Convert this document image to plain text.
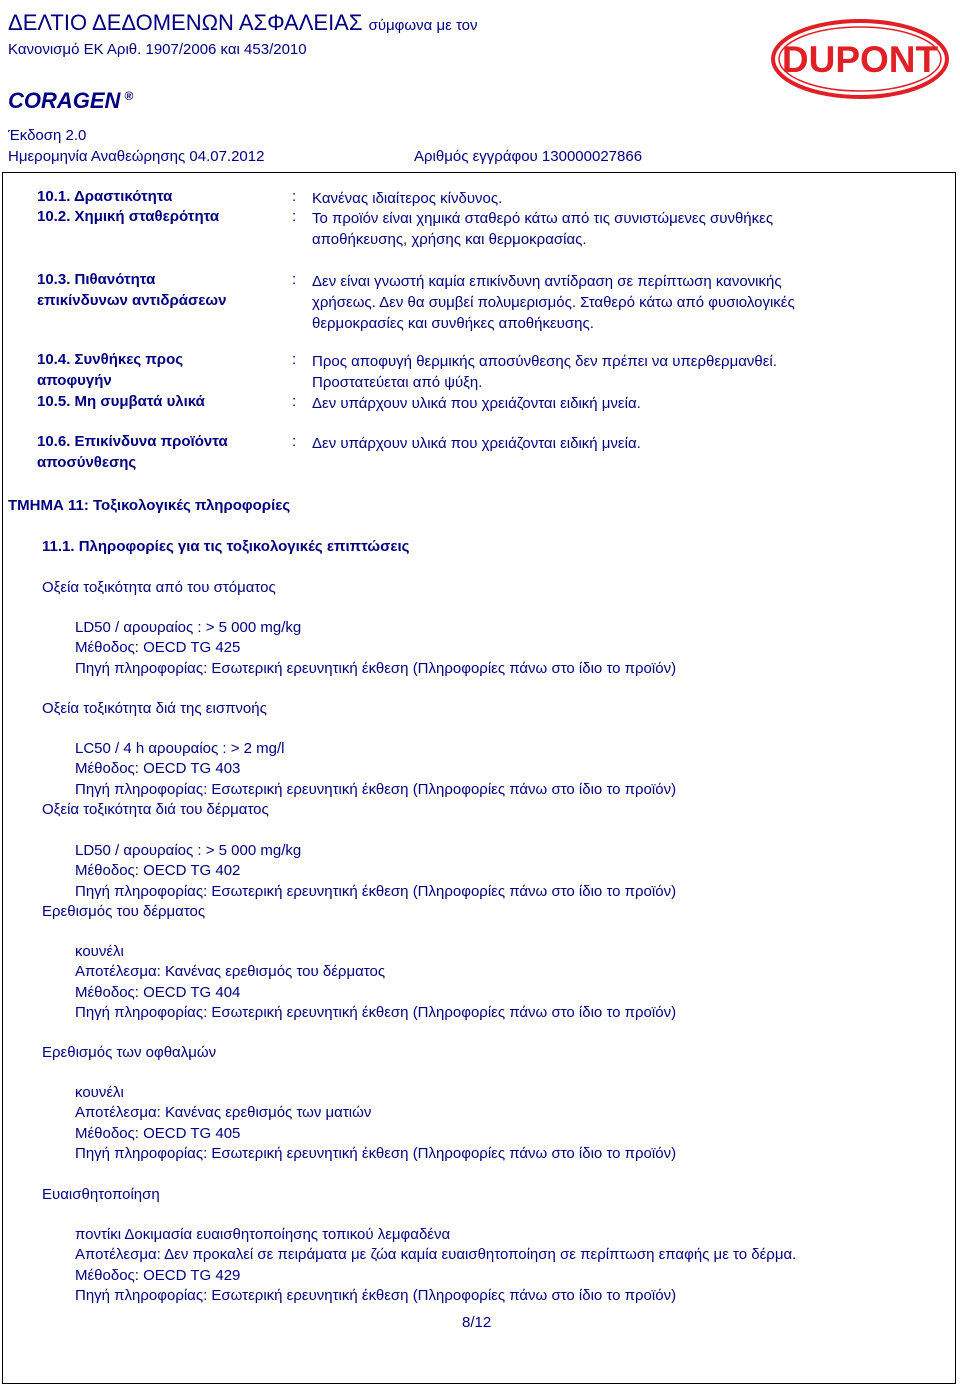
ΔΕΛΤΙΟ ΔΕΔΟΜΕΝΩΝ ΑΣΦΑΛΕΙΑΣ σύμφωνα με τον
Κανονισμό ΕΚ Αριθ. 1907/2006 και 453/2010
CORAGEN ®
Έκδοση 2.0
Ημερομηνία Αναθεώρησης 04.07.2012	Αριθμός εγγράφου 130000027866
DUPONT
10.1. Δραστικότητα	: Κανένας ιδιαίτερος κίνδυνος.
10.2. Χημική σταθερότητα	: Το προϊόν είναι χημικά σταθερό κάτω από τις συνιστώμενες συνθήκες
αποθήκευσης, χρήσης και θερμοκρασίας.
10.3. Πιθανότητα
επικίνδυνων αντιδράσεων
: Δεν είναι γνωστή καμία επικίνδυνη αντίδραση σε περίπτωση κανονικής
χρήσεως. Δεν θα συμβεί πολυμερισμός. Σταθερό κάτω από φυσιολογικές
θερμοκρασίες και συνθήκες αποθήκευσης.
10.4. Συνθήκες προς
αποφυγήν
: Προς αποφυγή θερμικής αποσύνθεσης δεν πρέπει να υπερθερμανθεί.
Προστατεύεται από ψύξη.
10.5. Μη συμβατά υλικά	: Δεν υπάρχουν υλικά που χρειάζονται ειδική μνεία.
10.6. Επικίνδυνα προϊόντα
αποσύνθεσης
: Δεν υπάρχουν υλικά που χρειάζονται ειδική μνεία.
ΤΜΗΜΑ 11: Τοξικολογικές πληροφορίες
11.1. Πληροφορίες για τις τοξικολογικές επιπτώσεις
Οξεία τοξικότητα από του στόματος
LD50 / αρουραίος : > 5 000 mg/kg
Μέθοδος: OECD TG 425
Πηγή πληροφορίας: Εσωτερική ερευνητική έκθεση (Πληροφορίες πάνω στο ίδιο το προϊόν)
Οξεία τοξικότητα διά της εισπνοής
LC50 / 4 h αρουραίος : > 2 mg/l
Μέθοδος: OECD TG 403
Πηγή πληροφορίας: Εσωτερική ερευνητική έκθεση (Πληροφορίες πάνω στο ίδιο το προϊόν)
Οξεία τοξικότητα διά του δέρματος
LD50 / αρουραίος : > 5 000 mg/kg
Μέθοδος: OECD TG 402
Πηγή πληροφορίας: Εσωτερική ερευνητική έκθεση (Πληροφορίες πάνω στο ίδιο το προϊόν)
Ερεθισμός του δέρματος
κουνέλι
Αποτέλεσμα: Κανένας ερεθισμός του δέρματος
Μέθοδος: OECD TG 404
Πηγή πληροφορίας: Εσωτερική ερευνητική έκθεση (Πληροφορίες πάνω στο ίδιο το προϊόν)
Ερεθισμός των οφθαλμών
κουνέλι
Αποτέλεσμα: Κανένας ερεθισμός των ματιών
Μέθοδος: OECD TG 405
Πηγή πληροφορίας: Εσωτερική ερευνητική έκθεση (Πληροφορίες πάνω στο ίδιο το προϊόν)
Ευαισθητοποίηση
ποντίκι Δοκιμασία ευαισθητοποίησης τοπικού λεμφαδένα
Αποτέλεσμα: Δεν προκαλεί σε πειράματα με ζώα καμία ευαισθητοποίηση σε περίπτωση επαφής με το δέρμα.
Μέθοδος: OECD TG 429
Πηγή πληροφορίας: Εσωτερική ερευνητική έκθεση (Πληροφορίες πάνω στο ίδιο το προϊόν)
8/12
